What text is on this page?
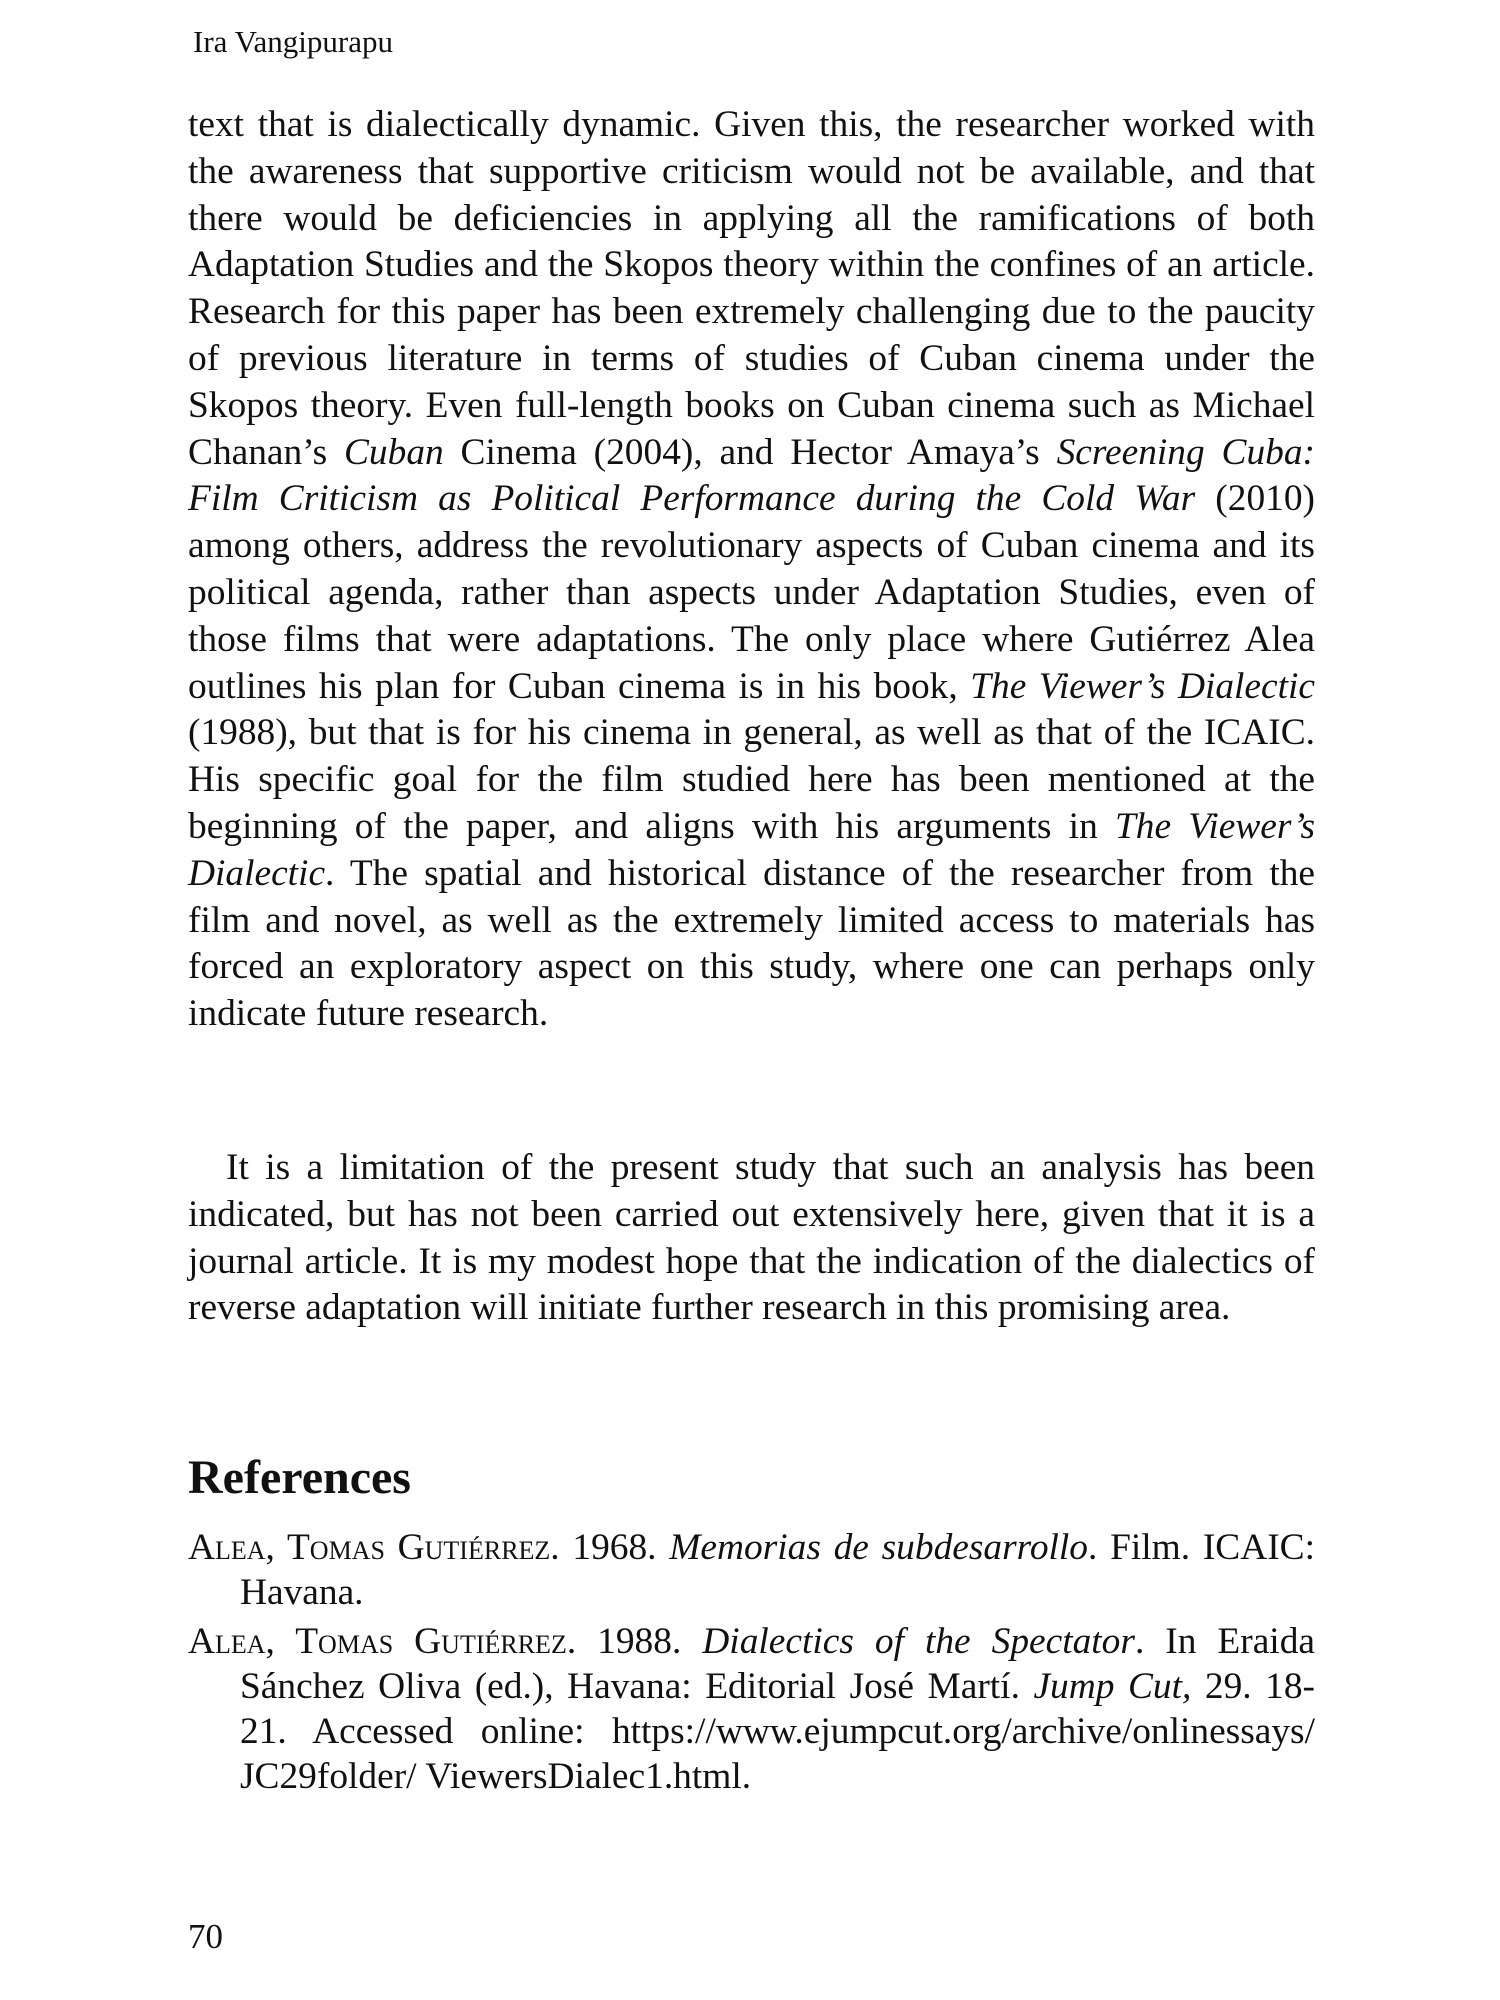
Ira Vangipurapu

text that is dialectically dynamic. Given this, the researcher worked with the awareness that supportive criticism would not be available, and that there would be deficiencies in applying all the ramifications of both Adaptation Studies and the Skopos theory within the confines of an article. Research for this paper has been extremely challenging due to the paucity of previous literature in terms of studies of Cuban cinema under the Skopos theory. Even full-length books on Cuban cinema such as Michael Chanan’s Cuban Cinema (2004), and Hector Amaya’s Screening Cuba: Film Criticism as Political Performance during the Cold War (2010) among others, address the revolutionary aspects of Cuban cinema and its political agenda, rather than aspects under Adaptation Studies, even of those films that were adaptations. The only place where Gutiérrez Alea outlines his plan for Cuban cinema is in his book, The Viewer’s Dialectic (1988), but that is for his cinema in general, as well as that of the ICAIC. His specific goal for the film studied here has been mentioned at the beginning of the paper, and aligns with his arguments in The Viewer’s Dialectic. The spatial and historical distance of the researcher from the film and novel, as well as the extremely limited access to materials has forced an exploratory aspect on this study, where one can perhaps only indicate future research.

It is a limitation of the present study that such an analysis has been indicated, but has not been carried out extensively here, given that it is a journal article. It is my modest hope that the indication of the dialectics of reverse adaptation will initiate further research in this promising area.

References

Alea, Tomas Gutiérrez. 1968. Memorias de subdesarrollo. Film. ICAIC: Havana.

Alea, Tomas Gutiérrez. 1988. Dialectics of the Spectator. In Eraida Sánchez Oliva (ed.), Havana: Editorial José Martí. Jump Cut, 29. 18-21. Accessed online: https://www.ejumpcut.org/archive/onlinessays/ JC29folder/ ViewersDialec1.html.

70
